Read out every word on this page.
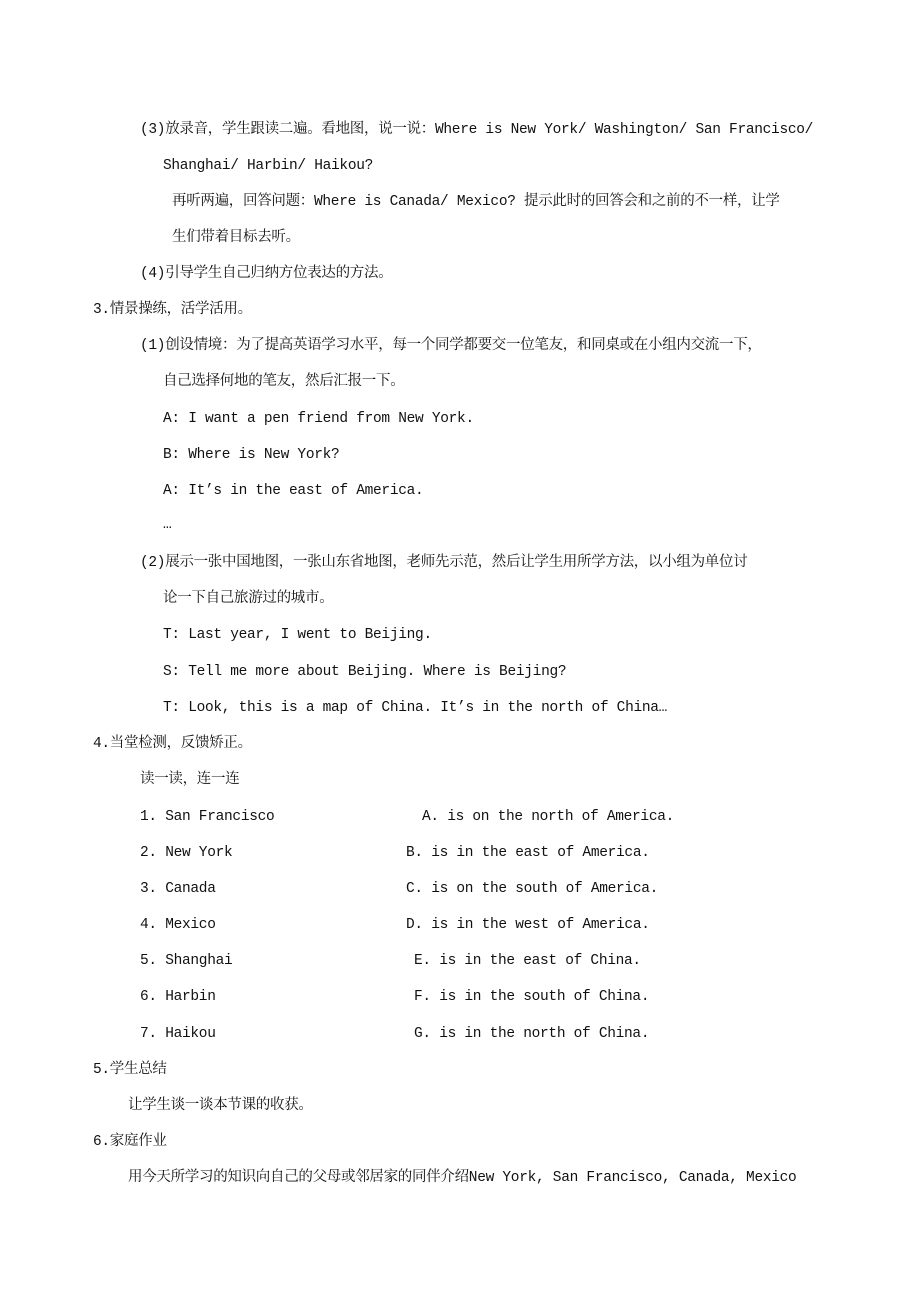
(3)放录音，学生跟读二遍。看地图，说一说：Where is New York/ Washington/ San Francisco/
Shanghai/ Harbin/ Haikou?
再听两遍，回答问题：Where is Canada/ Mexico? 提示此时的回答会和之前的不一样，让学
生们带着目标去听。
(4)引导学生自己归纳方位表达的方法。
3.情景操练，活学活用。
(1)创设情境：为了提高英语学习水平，每一个同学都要交一位笔友，和同桌或在小组内交流一下，
自己选择何地的笔友，然后汇报一下。
A: I want a pen friend from New York.
B: Where is New York?
A: It’s in the east of America.
…
(2)展示一张中国地图，一张山东省地图，老师先示范，然后让学生用所学方法，以小组为单位讨
论一下自己旅游过的城市。
T: Last year, I went to Beijing.
S: Tell me more about Beijing. Where is Beijing?
T: Look, this is a map of China. It’s in the north of China…
4.当堂检测，反馈矫正。
读一读，连一连
1. San Francisco
2. New York
3. Canada
4. Mexico
5. Shanghai
6. Harbin
7. Haikou
A. is on the north of America.
B. is in the east of America.
C. is on the south of America.
D. is in the west of America.
E. is in the east of China.
F. is in the south of China.
G. is in the north of China.
5.学生总结
让学生谈一谈本节课的收获。
6.家庭作业
用今天所学习的知识向自己的父母或邻居家的同伴介绍New York, San Francisco, Canada, Mexico
